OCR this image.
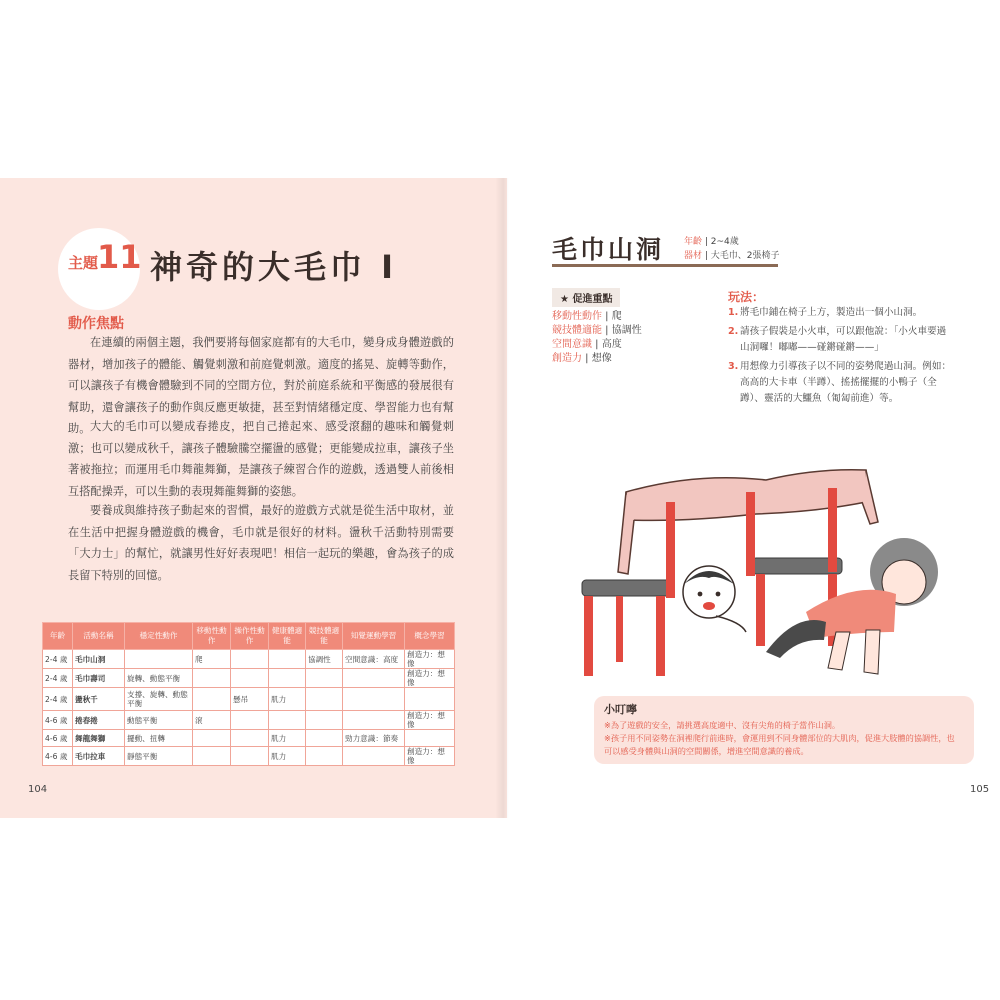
主題
11 神奇的大毛巾 I
動作焦點
在連續的兩個主題，我們要將每個家庭都有的大毛巾，變身成身體遊戲的器材，增加孩子的體能、觸覺刺激和前庭覺刺激。適度的搖晃、旋轉等動作，可以讓孩子有機會體驗到不同的空間方位，對於前庭系統和平衡感的發展很有幫助，還會讓孩子的動作與反應更敏捷，甚至對情緒穩定度、學習能力也有幫助。 大大的毛巾可以變成春捲皮，把自己捲起來、感受滾翻的趣味和觸覺刺激；也可以變成秋千，讓孩子體驗騰空擺盪的感覺；更能變成拉車，讓孩子坐著被拖拉；而運用毛巾舞龍舞獅，是讓孩子練習合作的遊戲，透過雙人前後相互搭配操弄，可以生動的表現舞龍舞獅的姿態。
要養成與維持孩子動起來的習慣，最好的遊戲方式就是從生活中取材，並在生活中把握身體遊戲的機會，毛巾就是很好的材料。盪秋千活動特別需要「大力士」的幫忙，就讓男性好好表現吧！相信一起玩的樂趣，會為孩子的成長留下特別的回憶。
年齡	活動名稱	穩定性動作	移動性動作	操作性動作	健康體適能	競技體適能	知覺運動學習	概念學習
2-4 歲	毛巾山洞		爬			協調性	空間意識：高度	創造力：想像
2-4 歲	毛巾壽司	旋轉、動態平衡						創造力：想像
2-4 歲	盪秋千	支撐、旋轉、動態平衡		懸吊	肌力			
4-6 歲	捲春捲	動態平衡	滾					創造力：想像
4-6 歲	舞龍舞獅	擺動、扭轉			肌力		勁力意識：節奏	
4-6 歲	毛巾拉車	靜態平衡			肌力			創造力：想像
104
毛巾山洞 年齡 | 2~4歲
器材 | 大毛巾、2張椅子
★ 促進重點
移動性動作 | 爬
競技體適能 | 協調性
空間意識 | 高度
創造力 | 想像
玩法：
1. 將毛巾鋪在椅子上方，製造出一個小山洞。
2. 請孩子假裝是小火車，可以跟他說：「小火車要過山洞囉！嘟嘟——碰鏘碰鏘——」
3. 用想像力引導孩子以不同的姿勢爬過山洞。例如：高高的大卡車（半蹲）、搖搖擺擺的小鴨子（全蹲）、靈活的大鱷魚（匍匐前進）等。
小叮嚀
※為了遊戲的安全，請挑選高度適中、沒有尖角的椅子當作山洞。
※孩子用不同姿勢在洞裡爬行前進時，會運用到不同身體部位的大肌肉，促進大肢體的協調性，也可以感受身體與山洞的空間關係，增進空間意識的養成。
105
